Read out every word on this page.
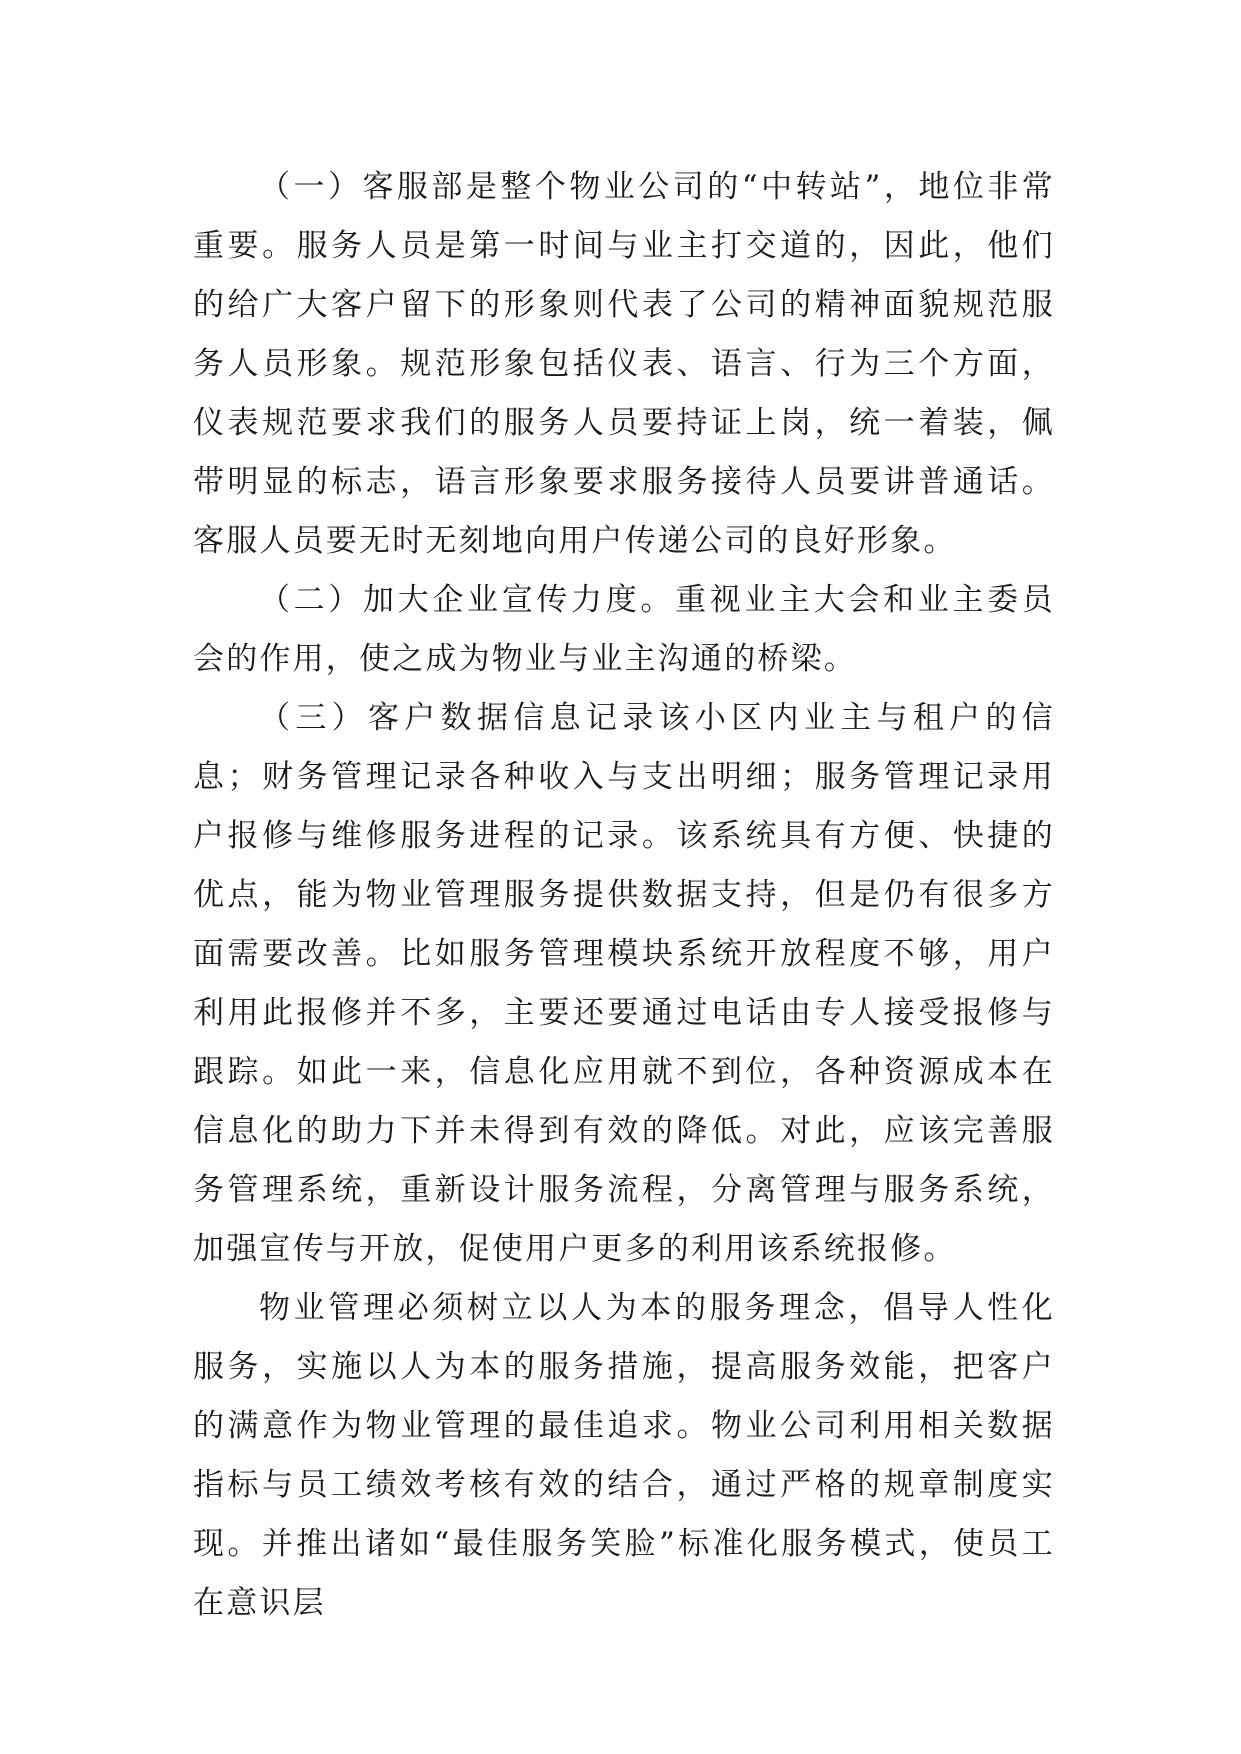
（一）客服部是整个物业公司的“中转站”，地位非常重要。服务人员是第一时间与业主打交道的，因此，他们的给广大客户留下的形象则代表了公司的精神面貌规范服务人员形象。规范形象包括仪表、语言、行为三个方面，仪表规范要求我们的服务人员要持证上岗，统一着装，佩带明显的标志，语言形象要求服务接待人员要讲普通话。客服人员要无时无刻地向用户传递公司的良好形象。

（二）加大企业宣传力度。重视业主大会和业主委员会的作用，使之成为物业与业主沟通的桥梁。

（三）客户数据信息记录该小区内业主与租户的信息；财务管理记录各种收入与支出明细；服务管理记录用户报修与维修服务进程的记录。该系统具有方便、快捷的优点，能为物业管理服务提供数据支持，但是仍有很多方面需要改善。比如服务管理模块系统开放程度不够，用户利用此报修并不多，主要还要通过电话由专人接受报修与跟踪。如此一来，信息化应用就不到位，各种资源成本在信息化的助力下并未得到有效的降低。对此，应该完善服务管理系统，重新设计服务流程，分离管理与服务系统，加强宣传与开放，促使用户更多的利用该系统报修。

物业管理必须树立以人为本的服务理念，倡导人性化服务，实施以人为本的服务措施，提高服务效能，把客户的满意作为物业管理的最佳追求。物业公司利用相关数据指标与员工绩效考核有效的结合，通过严格的规章制度实现。并推出诸如“最佳服务笑脸”标准化服务模式，使员工在意识层
